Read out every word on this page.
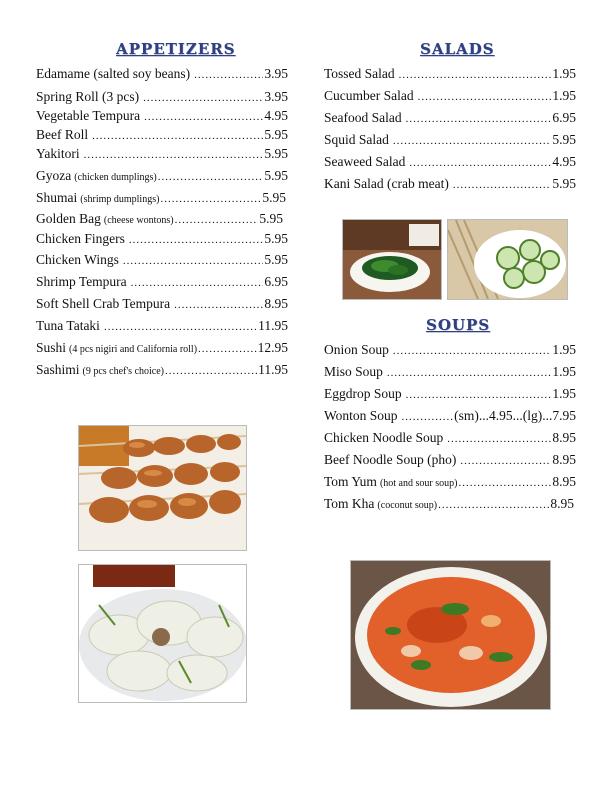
APPETIZERS	SALADS
SOUPS
Edamame (salted soy beans) .....	3.95
Spring Roll (3 pcs) .....	3.95
Vegetable Tempura .....	4.95
Beef Roll .....	5.95
Yakitori .....	5.95
Gyoza (chicken dumplings) .....	5.95
Shumai (shrimp dumplings) .....	5.95
Golden Bag (cheese wontons) .....	5.95
Chicken Fingers .....	5.95
Chicken Wings .....	5.95
Shrimp Tempura .....	6.95
Soft Shell Crab Tempura .....	8.95
Tuna Tataki .....	11.95
Sushi (4 pcs nigiri and California roll) .....	12.95
Sashimi (9 pcs chef's choice) .....	11.95
Tossed Salad .....	1.95
Cucumber Salad .....	1.95
Seafood Salad .....	6.95
Squid Salad .....	5.95
Seaweed Salad .....	4.95
Kani Salad (crab meat) .....	5.95
Onion Soup .....	1.95
Miso Soup .....	1.95
Eggdrop Soup .....	1.95
Wonton Soup .....	(sm)...4.95...(lg)...7.95
Chicken Noodle Soup .....	8.95
Beef Noodle Soup (pho) .....	8.95
Tom Yum (hot and sour soup) .....	8.95
Tom Kha (coconut soup) .....	8.95
